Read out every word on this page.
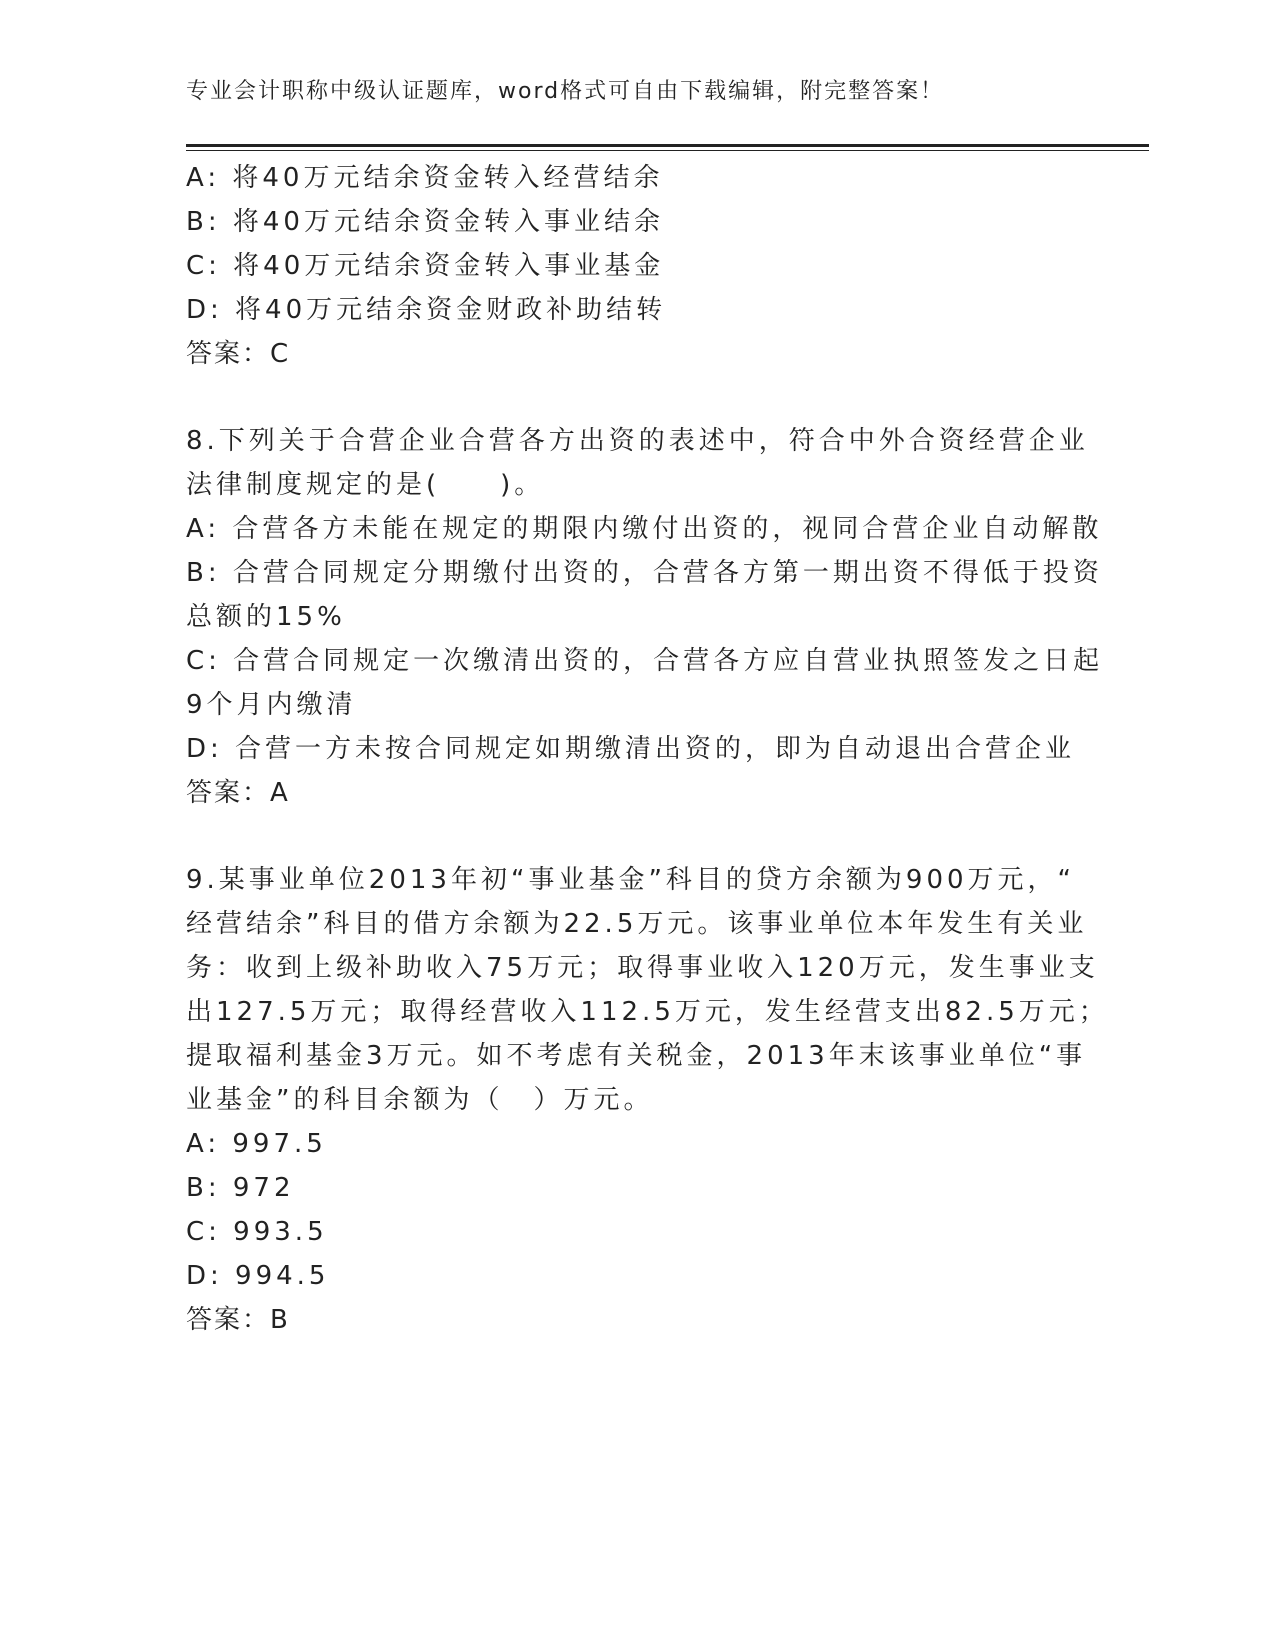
专业会计职称中级认证题库，word格式可自由下载编辑，附完整答案！
A: 将40万元结余资金转入经营结余
B: 将40万元结余资金转入事业结余
C: 将40万元结余资金转入事业基金
D: 将40万元结余资金财政补助结转
答案：C
8.下列关于合营企业合营各方出资的表述中，符合中外合资经营企业
法律制度规定的是(　　)。
A: 合营各方未能在规定的期限内缴付出资的，视同合营企业自动解散
B: 合营合同规定分期缴付出资的，合营各方第一期出资不得低于投资
总额的15%
C: 合营合同规定一次缴清出资的，合营各方应自营业执照签发之日起
9个月内缴清
D: 合营一方未按合同规定如期缴清出资的，即为自动退出合营企业
答案：A
9.某事业单位2013年初“事业基金”科目的贷方余额为900万元，“
经营结余”科目的借方余额为22.5万元。该事业单位本年发生有关业
务：收到上级补助收入75万元；取得事业收入120万元，发生事业支
出127.5万元；取得经营收入112.5万元，发生经营支出82.5万元；
提取福利基金3万元。如不考虑有关税金，2013年末该事业单位“事
业基金”的科目余额为（　）万元。
A: 997.5
B: 972
C: 993.5
D: 994.5
答案：B
